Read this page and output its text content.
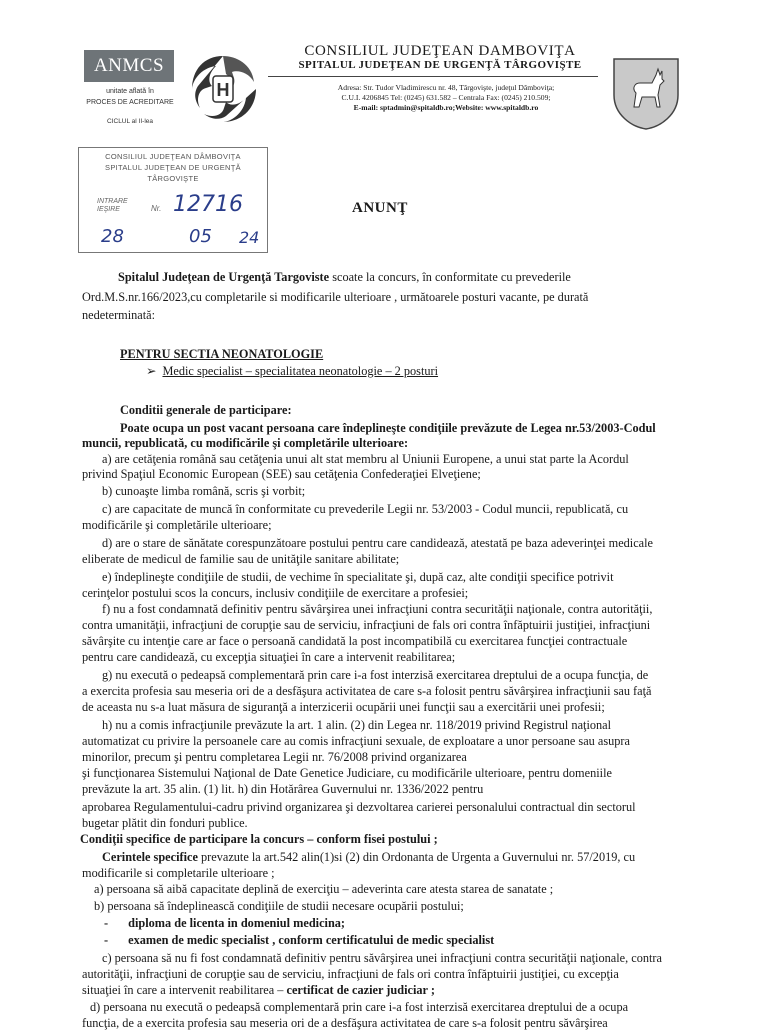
ANMCS
unitate aflată în
PROCES DE ACREDITARE
CICLUL al II-lea
H
CONSILIUL JUDEŢEAN DAMBOVIŢA
SPITALUL JUDEŢEAN DE URGENŢĂ TÂRGOVIŞTE
Adresa: Str. Tudor Vladimirescu nr. 48, Târgovişte, judeţul Dâmboviţa;
C.U.I. 4206845 Tel: (0245) 631.582 – Centrala Fax: (0245) 210.509;
E-mail: sptadmin@spitaldb.ro;Website: www.spitaldb.ro
CONSILIUL JUDEŢEAN DÂMBOVIŢA
SPITALUL JUDEŢEAN DE URGENŢĂ
TÂRGOVIŞTE
INTRARE
IEŞIRE	Nr. 12716
28	05 24
ANUNŢ
Spitalul Judeţean de Urgenţă Targoviste scoate la concurs, în conformitate cu prevederile
Ord.M.S.nr.166/2023,cu completarile si modificarile ulterioare , următoarele posturi vacante, pe durată
nedeterminată:
PENTRU SECTIA NEONATOLOGIE
➢ Medic specialist – specialitatea neonatologie – 2 posturi
Conditii generale de participare:
Poate ocupa un post vacant persoana care îndeplineşte condiţiile prevăzute de Legea nr.53/2003-Codul
muncii, republicată, cu modificările şi completările ulterioare:
a) are cetăţenia română sau cetăţenia unui alt stat membru al Uniunii Europene, a unui stat parte la Acordul
privind Spaţiul Economic European (SEE) sau cetăţenia Confederaţiei Elveţiene;
b) cunoaşte limba română, scris şi vorbit;
c) are capacitate de muncă în conformitate cu prevederile Legii nr. 53/2003 - Codul muncii, republicată, cu
modificările şi completările ulterioare;
d) are o stare de sănătate corespunzătoare postului pentru care candidează, atestată pe baza adeverinţei medicale
eliberate de medicul de familie sau de unităţile sanitare abilitate;
e) îndeplineşte condiţiile de studii, de vechime în specialitate şi, după caz, alte condiţii specifice potrivit
cerinţelor postului scos la concurs, inclusiv condiţiile de exercitare a profesiei;
f) nu a fost condamnată definitiv pentru săvârşirea unei infracţiuni contra securităţii naţionale, contra autorităţii,
contra umanităţii, infracţiuni de corupţie sau de serviciu, infracţiuni de fals ori contra înfăptuirii justiţiei, infracţiuni
săvârşite cu intenţie care ar face o persoană candidată la post incompatibilă cu exercitarea funcţiei contractuale
pentru care candidează, cu excepţia situaţiei în care a intervenit reabilitarea;
g) nu execută o pedeapsă complementară prin care i-a fost interzisă exercitarea dreptului de a ocupa funcţia, de
a exercita profesia sau meseria ori de a desfăşura activitatea de care s-a folosit pentru săvârşirea infracţiunii sau faţă
de aceasta nu s-a luat măsura de siguranţă a interzicerii ocupării unei funcţii sau a exercitării unei profesii;
h) nu a comis infracţiunile prevăzute la art. 1 alin. (2) din Legea nr. 118/2019 privind Registrul naţional
automatizat cu privire la persoanele care au comis infracţiuni sexuale, de exploatare a unor persoane sau asupra
minorilor, precum şi pentru completarea Legii nr. 76/2008 privind organizarea
şi funcţionarea Sistemului Naţional de Date Genetice Judiciare, cu modificările ulterioare, pentru domeniile
prevăzute la art. 35 alin. (1) lit. h) din Hotărârea Guvernului nr. 1336/2022 pentru
aprobarea Regulamentului-cadru privind organizarea şi dezvoltarea carierei personalului contractual din sectorul
bugetar plătit din fonduri publice.
Condiţii specifice de participare la concurs – conform fisei postului ;
Cerintele specifice prevazute la art.542 alin(1)si (2) din Ordonanta de Urgenta a Guvernului nr. 57/2019, cu
modificarile si completarile ulterioare ;
a) persoana să aibă capacitate deplină de exerciţiu – adeverinta care atesta starea de sanatate ;
b) persoana să îndeplinească condiţiile de studii necesare ocupării postului;
- diploma de licenta in domeniul medicina;
- examen de medic specialist , conform certificatului de medic specialist
c) persoana să nu fi fost condamnată definitiv pentru săvârşirea unei infracţiuni contra securităţii naţionale, contra
autorităţii, infracţiuni de corupţie sau de serviciu, infracţiuni de fals ori contra înfăptuirii justiţiei, cu excepţia
situaţiei în care a intervenit reabilitarea – certificat de cazier judiciar ;
d) persoana nu execută o pedeapsă complementară prin care i-a fost interzisă exercitarea dreptului de a ocupa
funcţia, de a exercita profesia sau meseria ori de a desfăşura activitatea de care s-a folosit pentru săvârşirea
